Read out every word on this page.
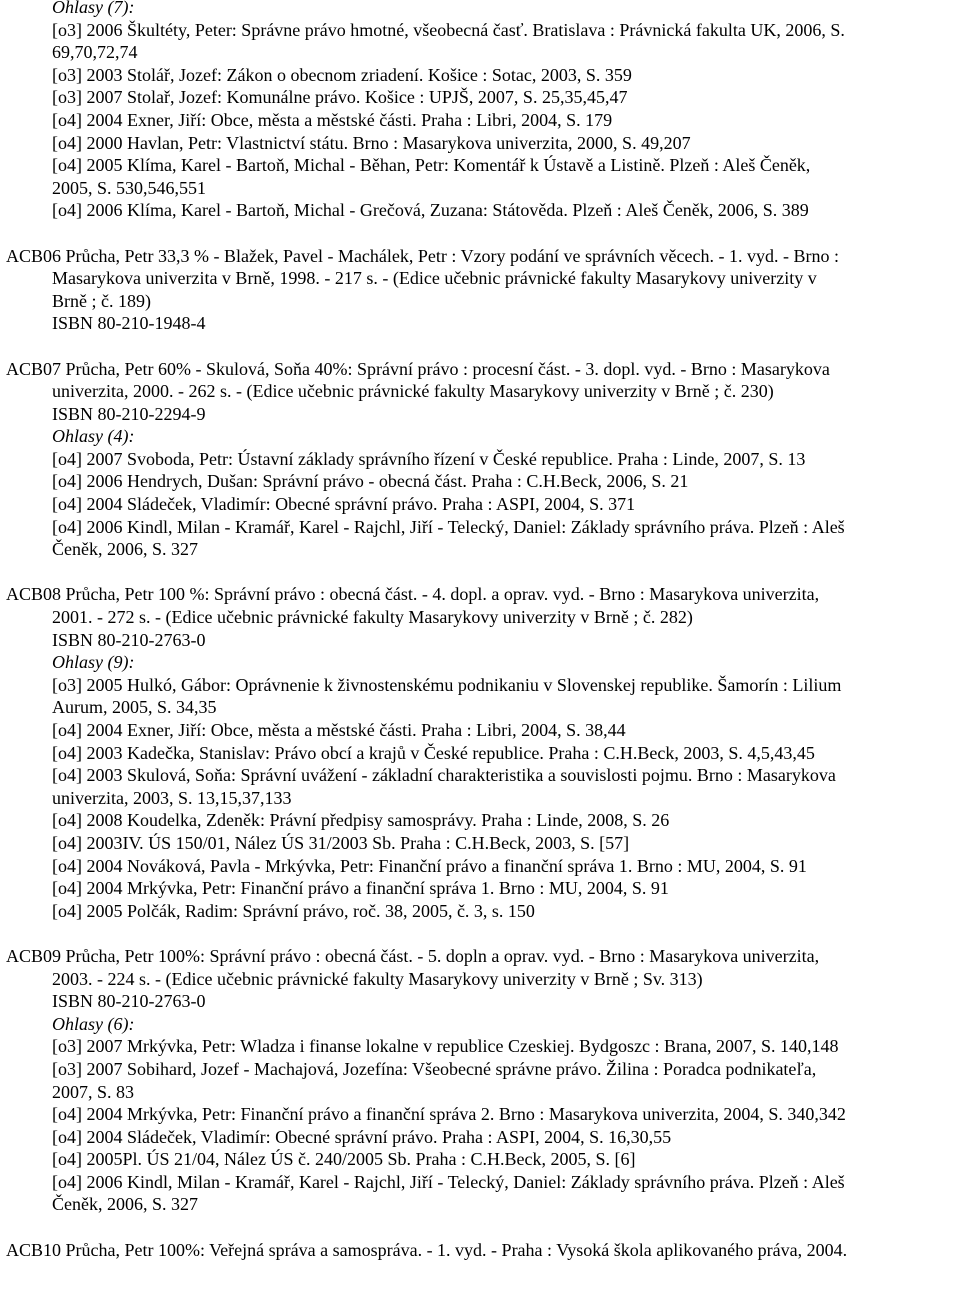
Ohlasy (7):
[o3] 2006 Škultéty, Peter: Správne právo hmotné, všeobecná časť. Bratislava : Právnická fakulta UK, 2006, S.
69,70,72,74
[o3] 2003 Stolář, Jozef: Zákon o obecnom zriadení. Košice : Sotac, 2003, S. 359
[o3] 2007 Stolař, Jozef: Komunálne právo. Košice : UPJŠ, 2007, S. 25,35,45,47
[o4] 2004 Exner, Jiří: Obce, města a městské části. Praha : Libri, 2004, S. 179
[o4] 2000 Havlan, Petr: Vlastnictví státu. Brno : Masarykova univerzita, 2000, S. 49,207
[o4] 2005 Klíma, Karel - Bartoň, Michal - Běhan, Petr: Komentář k Ústavě a Listině. Plzeň : Aleš Čeněk,
2005, S. 530,546,551
[o4] 2006 Klíma, Karel - Bartoň, Michal - Grečová, Zuzana: Státověda. Plzeň : Aleš Čeněk, 2006, S. 389
ACB06 Průcha, Petr 33,3 % - Blažek, Pavel - Machálek, Petr : Vzory podání ve správních věcech. - 1. vyd. - Brno :
Masarykova univerzita v Brně, 1998. - 217 s. - (Edice učebnic právnické fakulty Masarykovy univerzity v
Brně ; č. 189)
ISBN 80-210-1948-4
ACB07 Průcha, Petr 60% - Skulová, Soňa 40%: Správní právo : procesní část. - 3. dopl. vyd. - Brno : Masarykova
univerzita, 2000. - 262 s. - (Edice učebnic právnické fakulty Masarykovy univerzity v Brně ; č. 230)
ISBN 80-210-2294-9
Ohlasy (4):
[o4] 2007 Svoboda, Petr: Ústavní základy správního řízení v České republice. Praha : Linde, 2007, S. 13
[o4] 2006 Hendrych, Dušan: Správní právo - obecná část. Praha : C.H.Beck, 2006, S. 21
[o4] 2004 Sládeček, Vladimír: Obecné správní právo. Praha : ASPI, 2004, S. 371
[o4] 2006 Kindl, Milan - Kramář, Karel - Rajchl, Jiří - Telecký, Daniel: Základy správního práva. Plzeň : Aleš
Čeněk, 2006, S. 327
ACB08 Průcha, Petr 100 %: Správní právo : obecná část. - 4. dopl. a oprav. vyd. - Brno : Masarykova univerzita,
2001. - 272 s. - (Edice učebnic právnické fakulty Masarykovy univerzity v Brně ; č. 282)
ISBN 80-210-2763-0
Ohlasy (9):
[o3] 2005 Hulkó, Gábor: Oprávnenie k živnostenskému podnikaniu v Slovenskej republike. Šamorín : Lilium
Aurum, 2005, S. 34,35
[o4] 2004 Exner, Jiří: Obce, města a městské části. Praha : Libri, 2004, S. 38,44
[o4] 2003 Kadečka, Stanislav: Právo obcí a krajů v České republice. Praha : C.H.Beck, 2003, S. 4,5,43,45
[o4] 2003 Skulová, Soňa: Správní uvážení - základní charakteristika a souvislosti pojmu. Brno : Masarykova
univerzita, 2003, S. 13,15,37,133
[o4] 2008 Koudelka, Zdeněk: Právní předpisy samosprávy. Praha : Linde, 2008, S. 26
[o4] 2003IV. ÚS 150/01, Nález ÚS 31/2003 Sb. Praha : C.H.Beck, 2003, S. [57]
[o4] 2004 Nováková, Pavla - Mrkývka, Petr: Finanční právo a finanční správa 1. Brno : MU, 2004, S. 91
[o4] 2004 Mrkývka, Petr: Finanční právo a finanční správa 1. Brno : MU, 2004, S. 91
[o4] 2005 Polčák, Radim: Správní právo, roč. 38, 2005, č. 3, s. 150
ACB09 Průcha, Petr 100%: Správní právo : obecná část. - 5. dopln a oprav. vyd. - Brno : Masarykova univerzita,
2003. - 224 s. - (Edice učebnic právnické fakulty Masarykovy univerzity v Brně ; Sv. 313)
ISBN 80-210-2763-0
Ohlasy (6):
[o3] 2007 Mrkývka, Petr: Wladza i finanse lokalne v republice Czeskiej. Bydgoszc : Brana, 2007, S. 140,148
[o3] 2007 Sobihard, Jozef - Machajová, Jozefína: Všeobecné správne právo. Žilina : Poradca podnikateľa,
2007, S. 83
[o4] 2004 Mrkývka, Petr: Finanční právo a finanční správa 2. Brno : Masarykova univerzita, 2004, S. 340,342
[o4] 2004 Sládeček, Vladimír: Obecné správní právo. Praha : ASPI, 2004, S. 16,30,55
[o4] 2005Pl. ÚS 21/04, Nález ÚS č. 240/2005 Sb. Praha : C.H.Beck, 2005, S. [6]
[o4] 2006 Kindl, Milan - Kramář, Karel - Rajchl, Jiří - Telecký, Daniel: Základy správního práva. Plzeň : Aleš
Čeněk, 2006, S. 327
ACB10 Průcha, Petr 100%: Veřejná správa a samospráva. - 1. vyd. - Praha : Vysoká škola aplikovaného práva, 2004.
